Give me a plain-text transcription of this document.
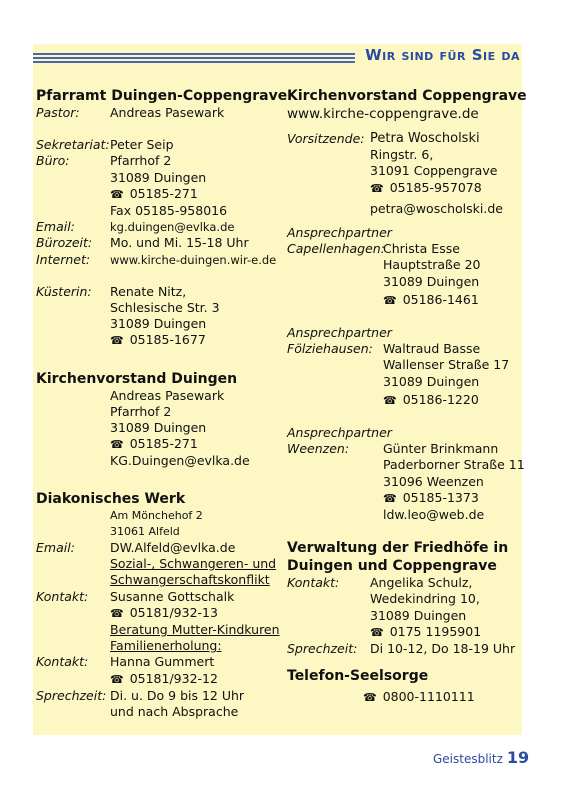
WIR SIND FÜR SIE DA
Pfarramt Duingen-Coppengrave
Pastor:	Andreas Pasewark
Sekretariat: Peter Seip
Büro:	Pfarrhof 2
31089 Duingen
☎ 05185-271
Fax 05185-958016
Email:	kg.duingen@evlka.de
Bürozeit:	Mo. und Mi. 15-18 Uhr
Internet:	www.kirche-duingen.wir-e.de
Küsterin:	Renate Nitz,
Schlesische Str. 3
31089 Duingen
☎ 05185-1677
Kirchenvorstand Duingen
Andreas Pasewark
Pfarrhof 2
31089 Duingen
☎ 05185-271
KG.Duingen@evlka.de
Diakonisches Werk
Am Mönchehof 2
31061 Alfeld
Email:	DW.Alfeld@evlka.de
Sozial-, Schwangeren- und
Schwangerschaftskonflikt
Kontakt:	Susanne Gottschalk
☎ 05181/932-13
Beratung Mutter-Kindkuren
Familienerholung:
Kontakt:	Hanna Gummert
☎ 05181/932-12
Sprechzeit: Di. u. Do 9 bis 12 Uhr
und nach Absprache
Kirchenvorstand Coppengrave
www.kirche-coppengrave.de
Vorsitzende: Petra Woscholski
Ringstr. 6,
31091 Coppengrave
☎ 05185-957078
petra@woscholski.de
Ansprechpartner
Capellenhagen:
Christa Esse
Hauptstraße 20
31089 Duingen
☎ 05186-1461
Ansprechpartner
Fölziehausen: Waltraud Basse
Wallenser Straße 17
31089 Duingen
☎ 05186-1220
Ansprechpartner
Weenzen:	Günter Brinkmann
Paderborner Straße 11
31096 Weenzen
☎ 05185-1373
ldw.leo@web.de
Verwaltung der Friedhöfe in
Duingen und Coppengrave
Kontakt:	Angelika Schulz,
Wedekindring 10,
31089 Duingen
☎ 0175 1195901
Sprechzeit:	Di 10-12, Do 18-19 Uhr
Telefon-Seelsorge
☎ 0800-1110111
Geistesblitz 19
